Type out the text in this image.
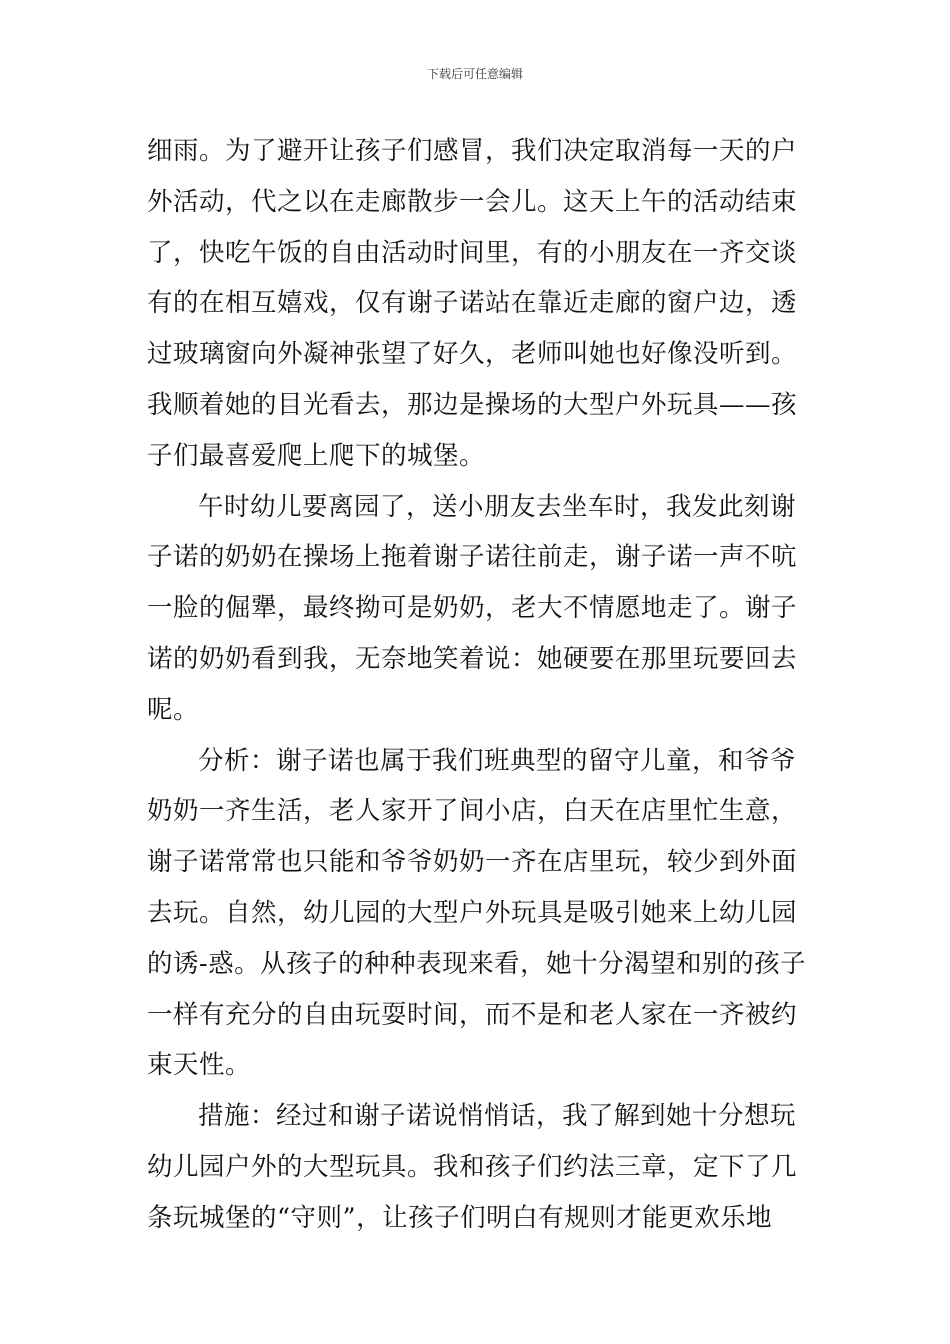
下载后可任意编辑
细雨。为了避开让孩子们感冒，我们决定取消每一天的户
外活动，代之以在走廊散步一会儿。这天上午的活动结束
了，快吃午饭的自由活动时间里，有的小朋友在一齐交谈
有的在相互嬉戏，仅有谢子诺站在靠近走廊的窗户边，透
过玻璃窗向外凝神张望了好久，老师叫她也好像没听到。
我顺着她的目光看去，那边是操场的大型户外玩具——孩
子们最喜爱爬上爬下的城堡。
午时幼儿要离园了，送小朋友去坐车时，我发此刻谢
子诺的奶奶在操场上拖着谢子诺往前走，谢子诺一声不吭
一脸的倔犟，最终拗可是奶奶，老大不情愿地走了。谢子
诺的奶奶看到我，无奈地笑着说：她硬要在那里玩要回去
呢。
分析：谢子诺也属于我们班典型的留守儿童，和爷爷
奶奶一齐生活，老人家开了间小店，白天在店里忙生意，
谢子诺常常也只能和爷爷奶奶一齐在店里玩，较少到外面
去玩。自然，幼儿园的大型户外玩具是吸引她来上幼儿园
的诱-惑。从孩子的种种表现来看，她十分渴望和别的孩子
一样有充分的自由玩耍时间，而不是和老人家在一齐被约
束天性。
措施：经过和谢子诺说悄悄话，我了解到她十分想玩
幼儿园户外的大型玩具。我和孩子们约法三章，定下了几
条玩城堡的“守则”，让孩子们明白有规则才能更欢乐地
